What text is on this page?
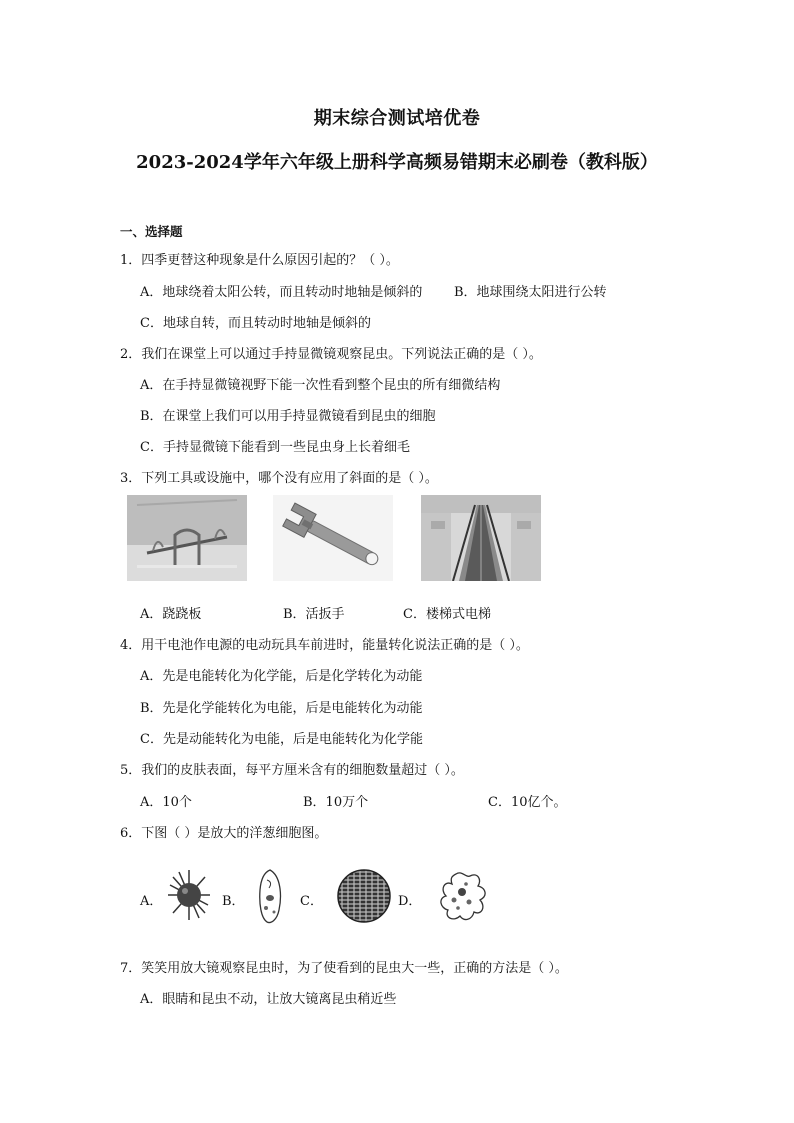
期末综合测试培优卷
2023-2024学年六年级上册科学高频易错期末必刷卷（教科版）
一、选择题
1．四季更替这种现象是什么原因引起的？（ ）。
A．地球绕着太阳公转，而且转动时地轴是倾斜的 B．地球围绕太阳进行公转
C．地球自转，而且转动时地轴是倾斜的
2．我们在课堂上可以通过手持显微镜观察昆虫。下列说法正确的是（ ）。
A．在手持显微镜视野下能一次性看到整个昆虫的所有细微结构
B．在课堂上我们可以用手持显微镜看到昆虫的细胞
C．手持显微镜下能看到一些昆虫身上长着细毛
3．下列工具或设施中，哪个没有应用了斜面的是（ ）。
A．跷跷板	B．活扳手	C．楼梯式电梯
4．用干电池作电源的电动玩具车前进时，能量转化说法正确的是（ ）。
A．先是电能转化为化学能，后是化学转化为动能
B．先是化学能转化为电能，后是电能转化为动能
C．先是动能转化为电能，后是电能转化为化学能
5．我们的皮肤表面，每平方厘米含有的细胞数量超过（ ）。
A．10个	B．10万个	C．10亿个。
6．下图（ ）是放大的洋葱细胞图。
A．	B．	C．	D．
7．笑笑用放大镜观察昆虫时，为了使看到的昆虫大一些，正确的方法是（ ）。
A．眼睛和昆虫不动，让放大镜离昆虫稍近些
